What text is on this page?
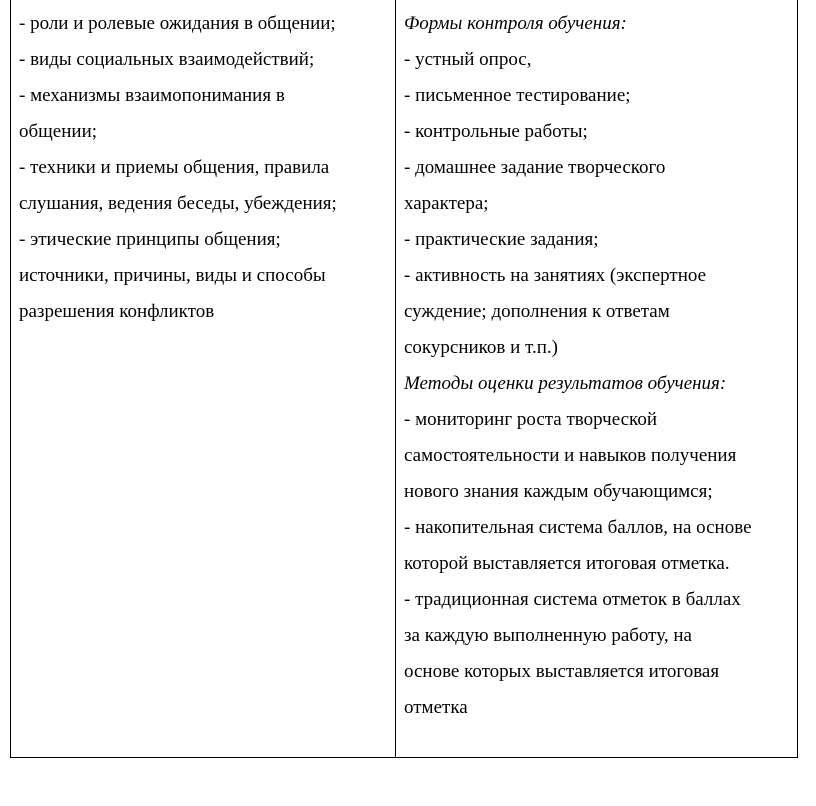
- роли и ролевые ожидания в общении;
- виды социальных взаимодействий;
- механизмы взаимопонимания в
общении;
- техники и приемы общения, правила
слушания, ведения беседы, убеждения;
- этические принципы общения;
источники, причины, виды и способы
разрешения конфликтов
Формы контроля обучения:
- устный опрос,
- письменное тестирование;
- контрольные работы;
- домашнее задание творческого
характера;
- практические задания;
- активность на занятиях (экспертное
суждение; дополнения к ответам
сокурсников и т.п.)
Методы оценки результатов обучения:
- мониторинг роста творческой
самостоятельности и навыков получения
нового знания каждым обучающимся;
- накопительная система баллов, на основе
которой выставляется итоговая отметка.
- традиционная система отметок в баллах
за каждую выполненную работу, на
основе которых выставляется итоговая
отметка
